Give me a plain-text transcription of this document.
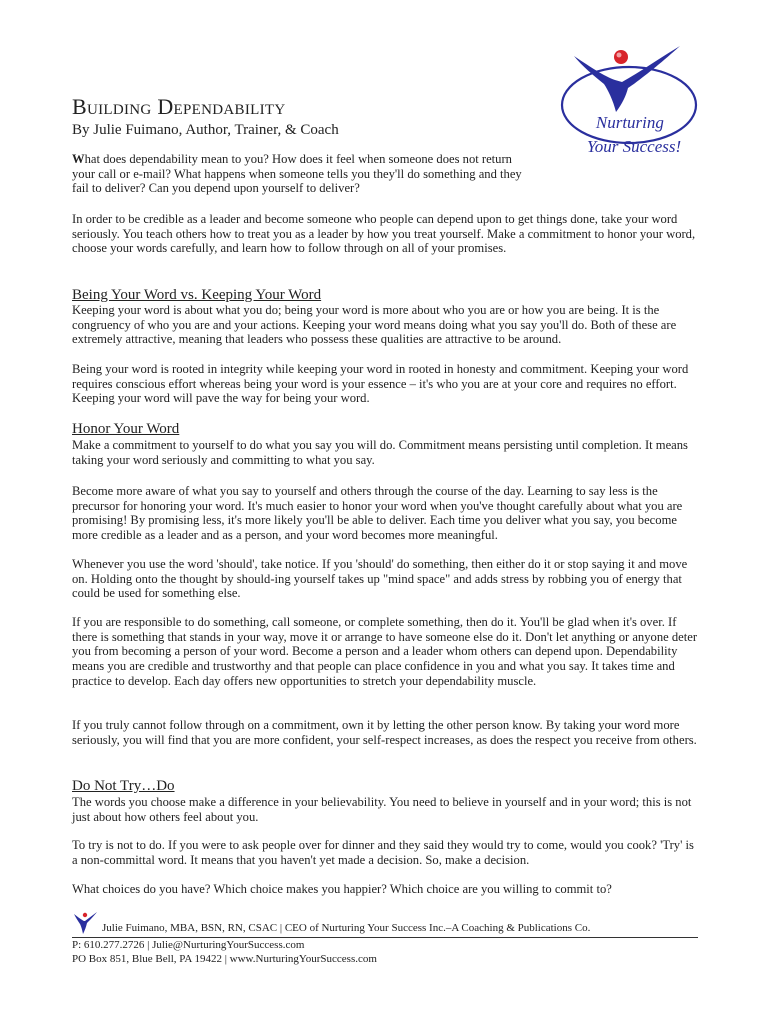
Building Dependability

By Julie Fuimano, Author, Trainer, & Coach	Nurturing Your Success!

What does dependability mean to you? How does it feel when someone does not return your call or e-mail? What happens when someone tells you they'll do something and they fail to deliver? Can you depend upon yourself to deliver?

In order to be credible as a leader and become someone who people can depend upon to get things done, take your word seriously. You teach others how to treat you as a leader by how you treat yourself. Make a commitment to honor your word, choose your words carefully, and learn how to follow through on all of your promises.

Being Your Word vs. Keeping Your Word

Keeping your word is about what you do; being your word is more about who you are or how you are being. It is the congruency of who you are and your actions. Keeping your word means doing what you say you'll do. Both of these are extremely attractive, meaning that leaders who possess these qualities are attractive to be around.

Being your word is rooted in integrity while keeping your word in rooted in honesty and commitment. Keeping your word requires conscious effort whereas being your word is your essence – it's who you are at your core and requires no effort. Keeping your word will pave the way for being your word.

Honor Your Word

Make a commitment to yourself to do what you say you will do. Commitment means persisting until completion. It means taking your word seriously and committing to what you say.

Become more aware of what you say to yourself and others through the course of the day. Learning to say less is the precursor for honoring your word. It's much easier to honor your word when you've thought carefully about what you are promising! By promising less, it's more likely you'll be able to deliver. Each time you deliver what you say, you become more credible as a leader and as a person, and your word becomes more meaningful.

Whenever you use the word 'should', take notice. If you 'should' do something, then either do it or stop saying it and move on. Holding onto the thought by should-ing yourself takes up "mind space" and adds stress by robbing you of energy that could be used for something else.

If you are responsible to do something, call someone, or complete something, then do it. You'll be glad when it's over. If there is something that stands in your way, move it or arrange to have someone else do it. Don't let anything or anyone deter you from becoming a person of your word. Become a person and a leader whom others can depend upon. Dependability means you are credible and trustworthy and that people can place confidence in you and what you say. It takes time and practice to develop. Each day offers new opportunities to stretch your dependability muscle.

If you truly cannot follow through on a commitment, own it by letting the other person know. By taking your word more seriously, you will find that you are more confident, your self-respect increases, as does the respect you receive from others.

Do Not Try…Do

The words you choose make a difference in your believability. You need to believe in yourself and in your word; this is not just about how others feel about you.

To try is not to do. If you were to ask people over for dinner and they said they would try to come, would you cook? 'Try' is a non-committal word. It means that you haven't yet made a decision. So, make a decision.

What choices do you have? Which choice makes you happier? Which choice are you willing to commit to?

Julie Fuimano, MBA, BSN, RN, CSAC | CEO of Nurturing Your Success Inc.–A Coaching & Publications Co.

P: 610.277.2726 | Julie@NurturingYourSuccess.com

PO Box 851, Blue Bell, PA 19422 | www.NurturingYourSuccess.com
